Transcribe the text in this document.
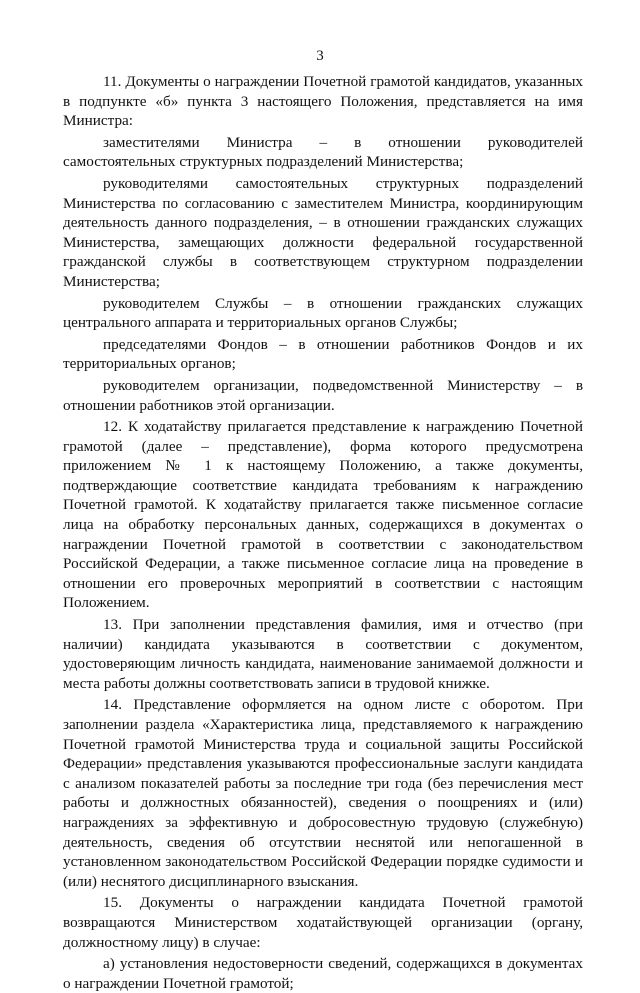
3

11. Документы о награждении Почетной грамотой кандидатов, указанных в подпункте «б» пункта 3 настоящего Положения, представляется на имя Министра:

заместителями Министра – в отношении руководителей самостоятельных структурных подразделений Министерства;

руководителями самостоятельных структурных подразделений Министерства по согласованию с заместителем Министра, координирующим деятельность данного подразделения, – в отношении гражданских служащих Министерства, замещающих должности федеральной государственной гражданской службы в соответствующем структурном подразделении Министерства;

руководителем Службы – в отношении гражданских служащих центрального аппарата и территориальных органов Службы;

председателями Фондов – в отношении работников Фондов и их территориальных органов;

руководителем организации, подведомственной Министерству – в отношении работников этой организации.

12. К ходатайству прилагается представление к награждению Почетной грамотой (далее – представление), форма которого предусмотрена приложением № 1 к настоящему Положению, а также документы, подтверждающие соответствие кандидата требованиям к награждению Почетной грамотой. К ходатайству прилагается также письменное согласие лица на обработку персональных данных, содержащихся в документах о награждении Почетной грамотой в соответствии с законодательством Российской Федерации, а также письменное согласие лица на проведение в отношении его проверочных мероприятий в соответствии с настоящим Положением.

13. При заполнении представления фамилия, имя и отчество (при наличии) кандидата указываются в соответствии с документом, удостоверяющим личность кандидата, наименование занимаемой должности и места работы должны соответствовать записи в трудовой книжке.

14. Представление оформляется на одном листе с оборотом. При заполнении раздела «Характеристика лица, представляемого к награждению Почетной грамотой Министерства труда и социальной защиты Российской Федерации» представления указываются профессиональные заслуги кандидата с анализом показателей работы за последние три года (без перечисления мест работы и должностных обязанностей), сведения о поощрениях и (или) награждениях за эффективную и добросовестную трудовую (служебную) деятельность, сведения об отсутствии неснятой или непогашенной в установленном законодательством Российской Федерации порядке судимости и (или) неснятого дисциплинарного взыскания.

15. Документы о награждении кандидата Почетной грамотой возвращаются Министерством ходатайствующей организации (органу, должностному лицу) в случае:

а) установления недостоверности сведений, содержащихся в документах о награждении Почетной грамотой;
